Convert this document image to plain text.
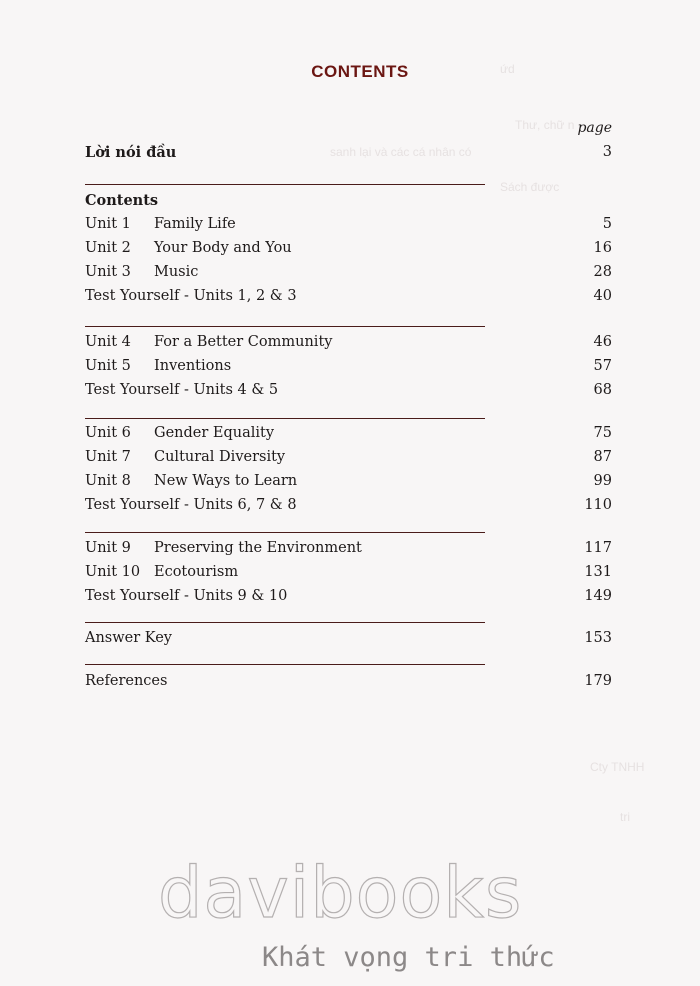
ứd
Thư, chữ n
sanh lại và các cá nhân có
Sách được
CONTENTS
page
Lời nói đầu	3
Contents
Unit 1 Family Life	5
Unit 2 Your Body and You	16
Unit 3 Music	28
Test Yourself - Units 1, 2 & 3	40
Unit 4 For a Better Community	46
Unit 5 Inventions	57
Test Yourself - Units 4 & 5	68
Unit 6 Gender Equality	75
Unit 7 Cultural Diversity	87
Unit 8 New Ways to Learn	99
Test Yourself - Units 6, 7 & 8	110
Unit 9 Preserving the Environment	117
Unit 10 Ecotourism	131
Test Yourself - Units 9 & 10	149
Answer Key	153
References	179
Cty TNHH
tri
davibooks
Khát vọng tri thức
